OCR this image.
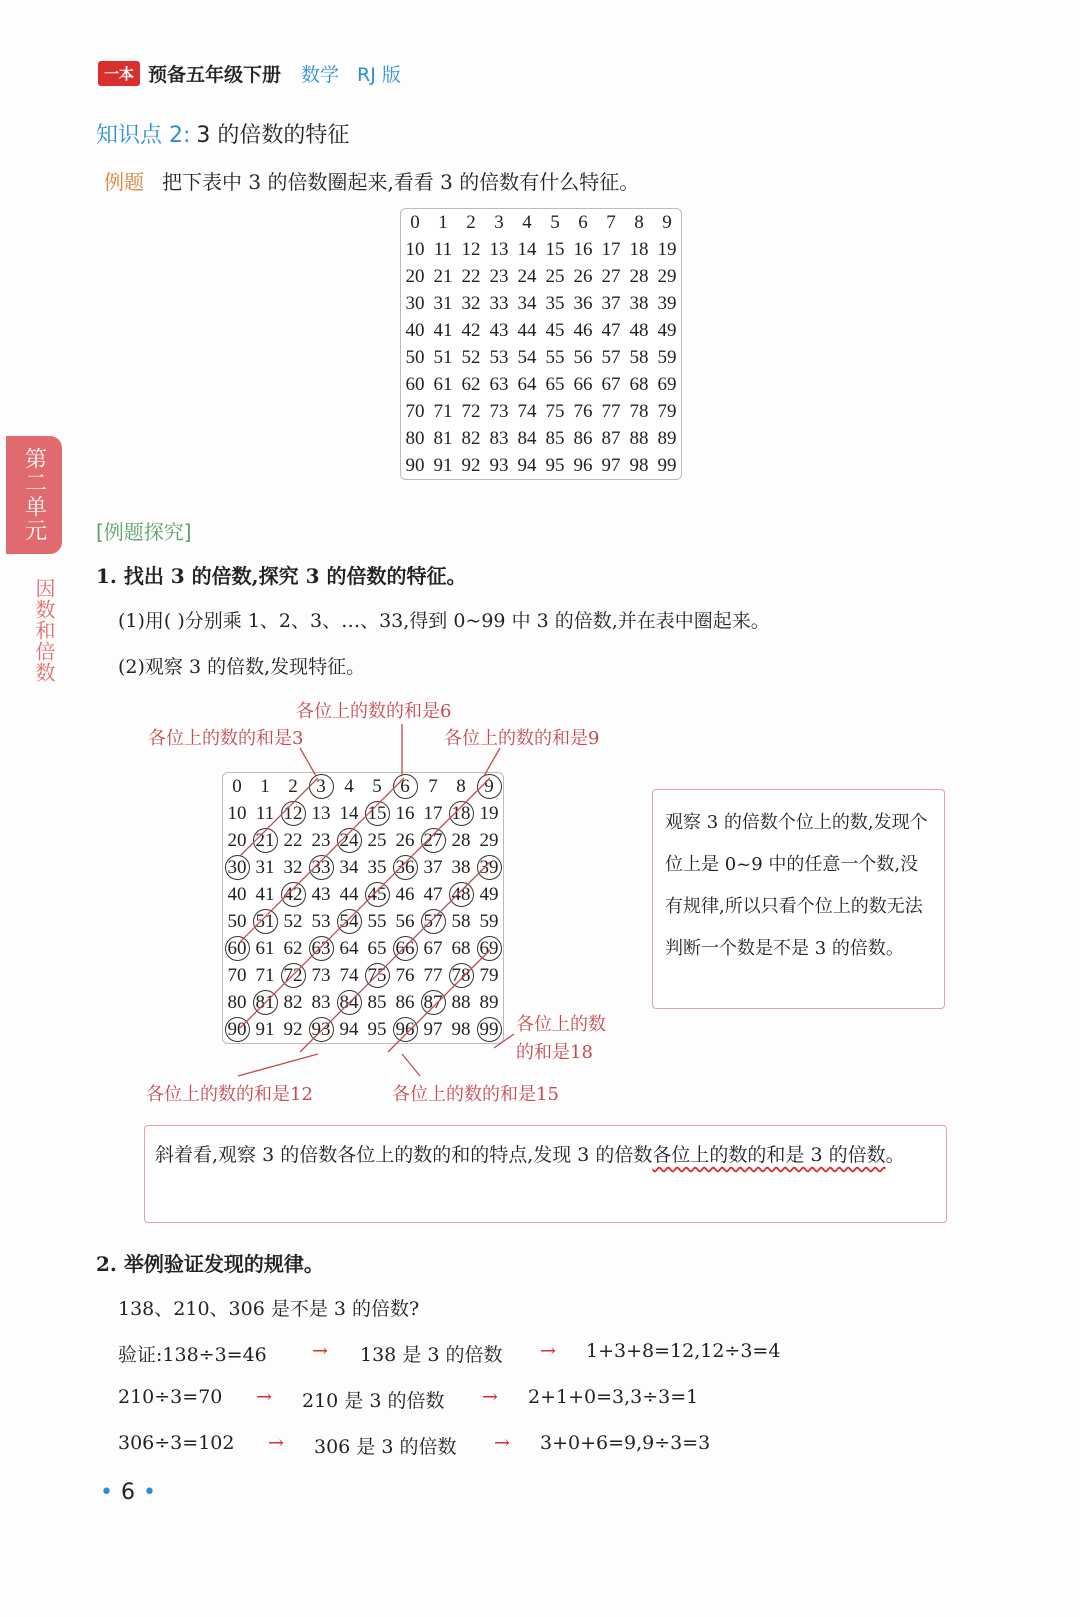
一本 预备五年级下册 数学 RJ 版
知识点 2: 3 的倍数的特征
例题 把下表中 3 的倍数圈起来,看看 3 的倍数有什么特征。
0	1	2	3	4	5	6	7	8	9
10	11	12	13	14	15	16	17	18	19
20	21	22	23	24	25	26	27	28	29
30	31	32	33	34	35	36	37	38	39
40	41	42	43	44	45	46	47	48	49
50	51	52	53	54	55	56	57	58	59
60	61	62	63	64	65	66	67	68	69
70	71	72	73	74	75	76	77	78	79
80	81	82	83	84	85	86	87	88	89
90	91	92	93	94	95	96	97	98	99
第二单元
因数和倍数
[例题探究]
1. 找出 3 的倍数,探究 3 的倍数的特征。
(1)用( )分别乘 1、2、3、…、33,得到 0~99 中 3 的倍数,并在表中圈起来。
(2)观察 3 的倍数,发现特征。
各位上的数的和是6
各位上的数的和是3	各位上的数的和是9
各位上的数
的和是18
各位上的数的和是12	各位上的数的和是15
0	1	2	3	4	5	6	7	8	9
10	11	12	13	14	15	16	17	18	19
20	21	22	23	24	25	26	27	28	29
30	31	32	33	34	35	36	37	38	39
40	41	42	43	44	45	46	47	48	49
50	51	52	53	54	55	56	57	58	59
60	61	62	63	64	65	66	67	68	69
70	71	72	73	74	75	76	77	78	79
80	81	82	83	84	85	86	87	88	89
90	91	92	93	94	95	96	97	98	99
观察 3 的倍数个位上的数,发现个位上是 0~9 中的任意一个数,没有规律,所以只看个位上的数无法判断一个数是不是 3 的倍数。
斜着看,观察 3 的倍数各位上的数的和的特点,发现 3 的倍数各位上的数的和是 3 的倍数。
2. 举例验证发现的规律。
138、210、306 是不是 3 的倍数?
验证:138÷3=46 → 138 是 3 的倍数 → 1+3+8=12,12÷3=4
210÷3=70 → 210 是 3 的倍数 → 2+1+0=3,3÷3=1
306÷3=102 → 306 是 3 的倍数 → 3+0+6=9,9÷3=3
• 6 •
